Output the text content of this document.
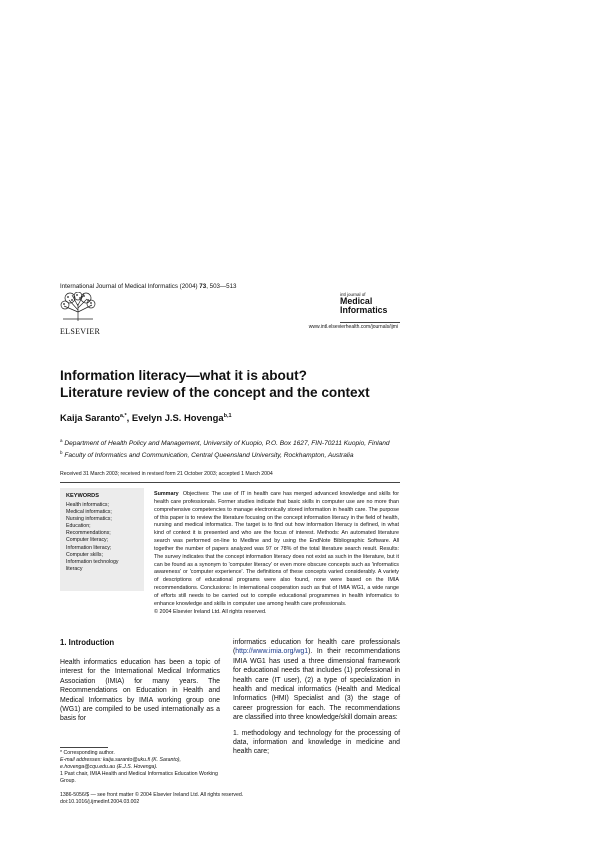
International Journal of Medical Informatics (2004) 73, 503—513
ELSEVIER
intl journal of
Medical
Informatics
www.intl.elsevierhealth.com/journals/ijmi
Information literacy—what it is about?
Literature review of the concept and the context
Kaija Saranto$^{a,*}$, Evelyn J.S. Hovenga$^{b,1}$
$^a$ Department of Health Policy and Management, University of Kuopio, P.O. Box 1627, FIN-70211 Kuopio, Finland
$^b$ Faculty of Informatics and Communication, Central Queensland University, Rockhampton, Australia
Received 31 March 2003; received in revised form 21 October 2003; accepted 1 March 2004
KEYWORDS
Health informatics;
Medical informatics;
Nursing informatics;
Education;
Recommendations;
Computer literacy;
Information literacy;
Computer skills;
Information technology
literacy
Summary Objectives: The use of IT in health care has merged advanced knowledge and skills for health care professionals. Former studies indicate that basic skills in computer use are no more than comprehensive competencies to manage electronically stored information in health care. The purpose of this paper is to review the literature focusing on the concept information literacy in the field of health, nursing and medical informatics. The target is to find out how information literacy is defined, in what kind of context it is presented and who are the focus of interest. Methods: An automated literature search was performed on-line to Medline and by using the EndNote Bibliographic Software. All together the number of papers analyzed was 97 or 78% of the total literature search result. Results: The survey indicates that the concept information literacy does not exist as such in the literature, but it can be found as a synonym to 'computer literacy' or even more obscure concepts such as 'informatics awareness' or 'computer experience'. The definitions of these concepts varied considerably. A variety of descriptions of educational programs were also found, none were based on the IMIA recommendations. Conclusions: In international cooperation such as that of IMIA WG1, a wide range of efforts still needs to be carried out to compile educational programmes in health informatics to enhance knowledge and skills in computer use among health care professionals.
© 2004 Elsevier Ireland Ltd. All rights reserved.
1. Introduction
Health informatics education has been a topic of interest for the International Medical Informatics Association (IMIA) for many years. The Recommendations on Education in Health and Medical Informatics by IMIA working group one (WG1) are compiled to be used internationally as a basis for
informatics education for health care professionals (http://www.imia.org/wg1). In their recommendations IMIA WG1 has used a three dimensional framework for educational needs that includes (1) professional in health care (IT user), (2) a type of specialization in health and medical informatics (Health and Medical Informatics (HMI) Specialist and (3) the stage of career progression for each. The recommendations are classified into three knowledge/skill domain areas:
1. methodology and technology for the processing of data, information and knowledge in medicine and health care;
* Corresponding author.
E-mail addresses: kaija.saranto@uku.fi (K. Saranto), e.hovenga@cqu.edu.au (E.J.S. Hovenga).
1 Past chair, IMIA Health and Medical Informatics Education Working Group.
1386-5056/$ — see front matter © 2004 Elsevier Ireland Ltd. All rights reserved.
doi:10.1016/j.ijmedinf.2004.03.002
